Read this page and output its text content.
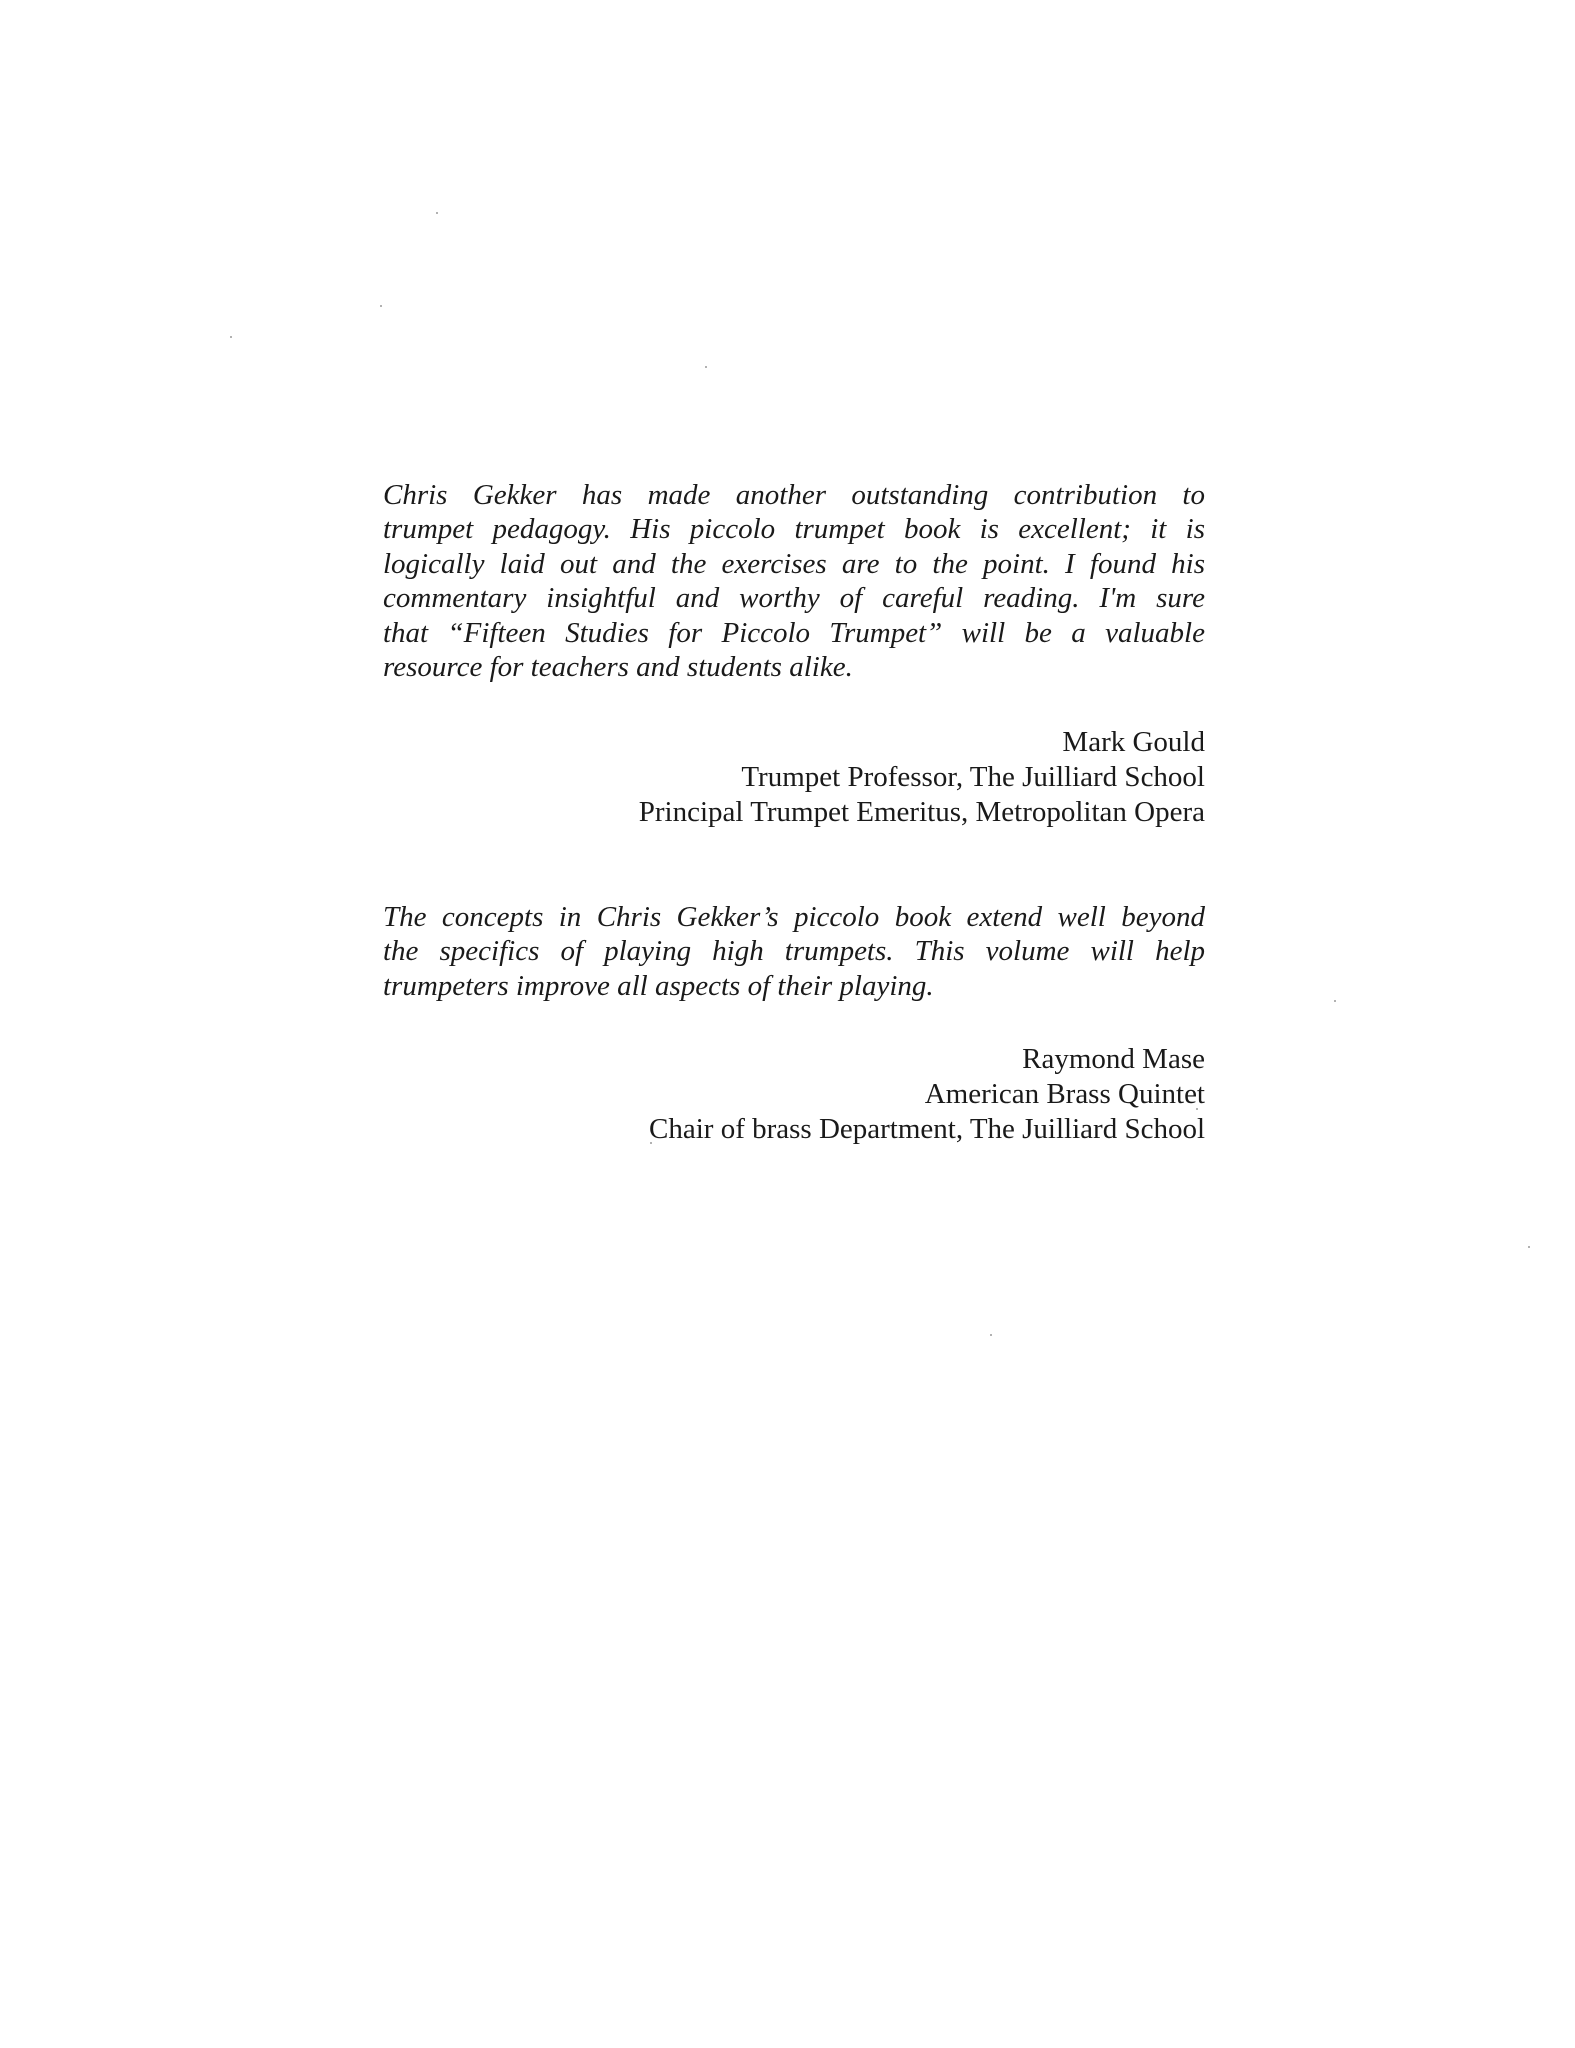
Chris Gekker has made another outstanding contribution to
trumpet pedagogy. His piccolo trumpet book is excellent; it is
logically laid out and the exercises are to the point. I found his
commentary insightful and worthy of careful reading. I'm sure
that “Fifteen Studies for Piccolo Trumpet” will be a valuable
resource for teachers and students alike.
Mark Gould
Trumpet Professor, The Juilliard School
Principal Trumpet Emeritus, Metropolitan Opera
The concepts in Chris Gekker’s piccolo book extend well beyond
the specifics of playing high trumpets. This volume will help
trumpeters improve all aspects of their playing.
Raymond Mase
American Brass Quintet
Chair of brass Department, The Juilliard School
